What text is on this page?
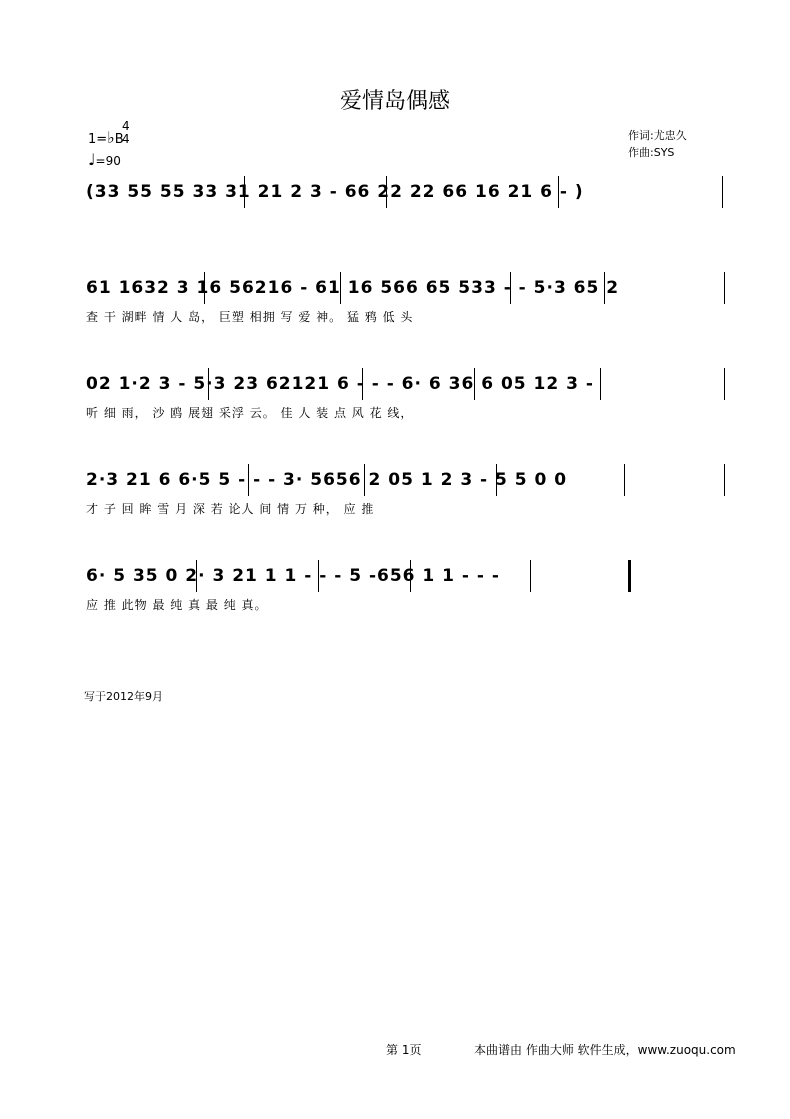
爱情岛偶感
1=♭B
4
4
♩=90
作词:尤忠久
作曲:SYS
(33 55 55 33 31 21 2 3 - 66 22 22 66 16 21 6 - )
61 1632 3 16 56216 - 61 16 566 65 533 - - 5·3 65 2
查 干 湖畔 情 人 岛， 巨塑 相拥 写 爱 神。 猛 鸦 低 头
02 1·2 3 - 5·3 23 62121 6 - - - 6· 6 36 6 05 12 3 -
听 细 雨， 沙 鸥 展翅 采浮 云。 佳 人 装 点 风 花 线，
2·3 21 6 6·5 5 - - - 3· 5656 2 05 1 2 3 - 5 5 0 0
才 子 回 眸 雪 月 深 若 论人 间 情 万 种， 应 推
6· 5 35 0 2· 3 21 1 1 - - - 5 -656 1 1 - - -
应 推 此物 最 纯 真 最 纯 真。
写于2012年9月
第 1页	本曲谱由 作曲大师 软件生成，www.zuoqu.com
